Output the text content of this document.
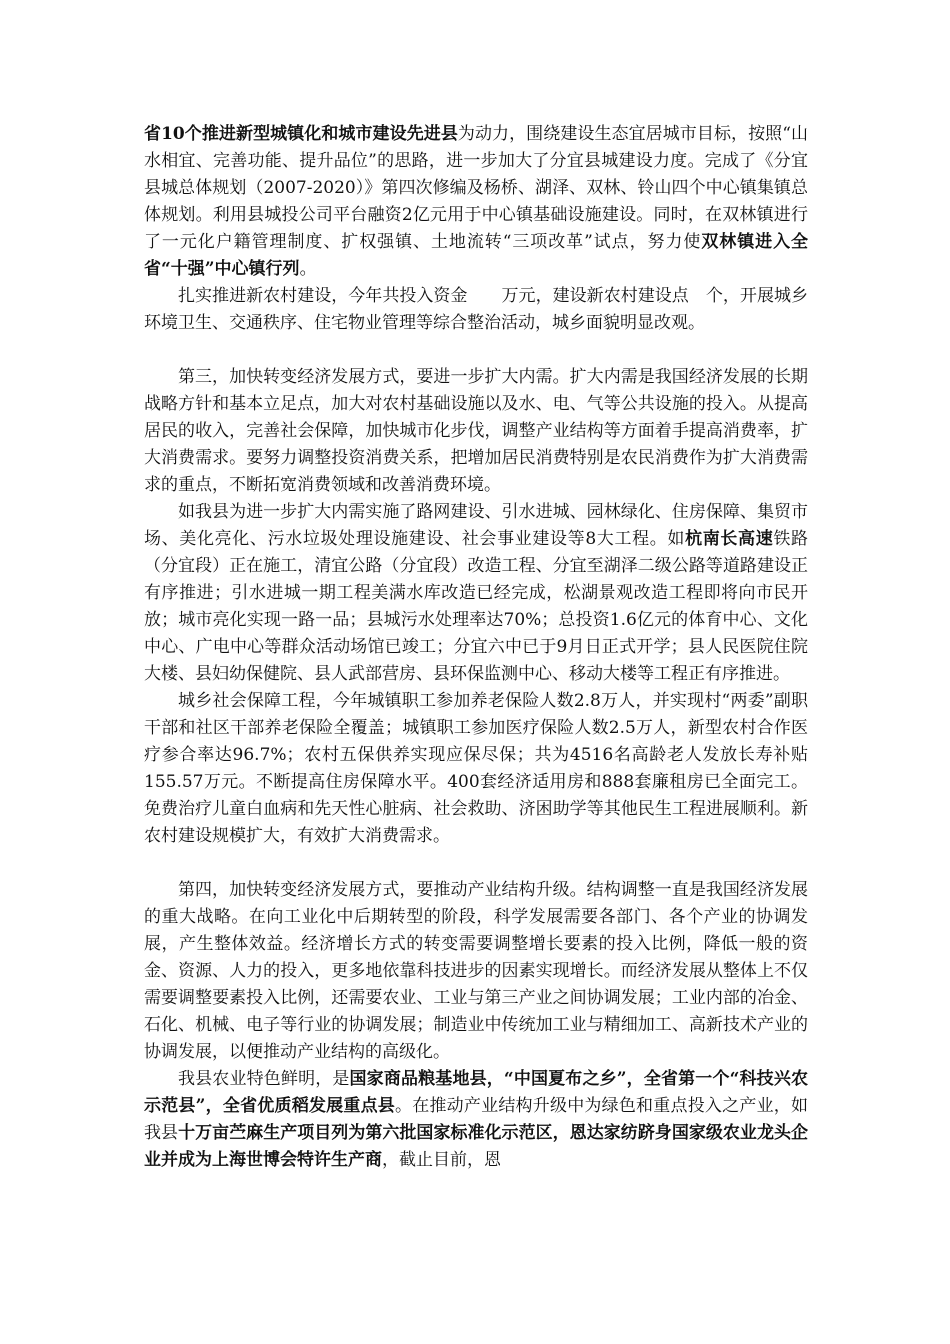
省10个推进新型城镇化和城市建设先进县为动力，围绕建设生态宜居城市目标，按照“山水相宜、完善功能、提升品位”的思路，进一步加大了分宜县城建设力度。完成了《分宜县城总体规划（2007-2020）》第四次修编及杨桥、湖泽、双林、铃山四个中心镇集镇总体规划。利用县城投公司平台融资2亿元用于中心镇基础设施建设。同时，在双林镇进行了一元化户籍管理制度、扩权强镇、土地流转“三项改革”试点，努力使双林镇进入全省“十强”中心镇行列。

扎实推进新农村建设，今年共投入资金　　万元，建设新农村建设点　个，开展城乡环境卫生、交通秩序、住宅物业管理等综合整治活动，城乡面貌明显改观。

第三，加快转变经济发展方式，要进一步扩大内需。扩大内需是我国经济发展的长期战略方针和基本立足点，加大对农村基础设施以及水、电、气等公共设施的投入。从提高居民的收入，完善社会保障，加快城市化步伐，调整产业结构等方面着手提高消费率，扩大消费需求。要努力调整投资消费关系，把增加居民消费特别是农民消费作为扩大消费需求的重点，不断拓宽消费领域和改善消费环境。

如我县为进一步扩大内需实施了路网建设、引水进城、园林绿化、住房保障、集贸市场、美化亮化、污水垃圾处理设施建设、社会事业建设等8大工程。如杭南长高速铁路（分宜段）正在施工，清宜公路（分宜段）改造工程、分宜至湖泽二级公路等道路建设正有序推进；引水进城一期工程美满水库改造已经完成，松湖景观改造工程即将向市民开放；城市亮化实现一路一品；县城污水处理率达70%；总投资1.6亿元的体育中心、文化中心、广电中心等群众活动场馆已竣工；分宜六中已于9月日正式开学；县人民医院住院大楼、县妇幼保健院、县人武部营房、县环保监测中心、移动大楼等工程正有序推进。

城乡社会保障工程，今年城镇职工参加养老保险人数2.8万人，并实现村“两委”副职干部和社区干部养老保险全覆盖；城镇职工参加医疗保险人数2.5万人，新型农村合作医疗参合率达96.7%；农村五保供养实现应保尽保；共为4516名高龄老人发放长寿补贴155.57万元。不断提高住房保障水平。400套经济适用房和888套廉租房已全面完工。免费治疗儿童白血病和先天性心脏病、社会救助、济困助学等其他民生工程进展顺利。新农村建设规模扩大，有效扩大消费需求。

第四，加快转变经济发展方式，要推动产业结构升级。结构调整一直是我国经济发展的重大战略。在向工业化中后期转型的阶段，科学发展需要各部门、各个产业的协调发展，产生整体效益。经济增长方式的转变需要调整增长要素的投入比例，降低一般的资金、资源、人力的投入，更多地依靠科技进步的因素实现增长。而经济发展从整体上不仅需要调整要素投入比例，还需要农业、工业与第三产业之间协调发展；工业内部的冶金、石化、机械、电子等行业的协调发展；制造业中传统加工业与精细加工、高新技术产业的协调发展，以便推动产业结构的高级化。

我县农业特色鲜明，是国家商品粮基地县，“中国夏布之乡”，全省第一个“科技兴农示范县”，全省优质稻发展重点县。在推动产业结构升级中为绿色和重点投入之产业，如我县十万亩苎麻生产项目列为第六批国家标准化示范区，恩达家纺跻身国家级农业龙头企业并成为上海世博会特许生产商，截止目前，恩
